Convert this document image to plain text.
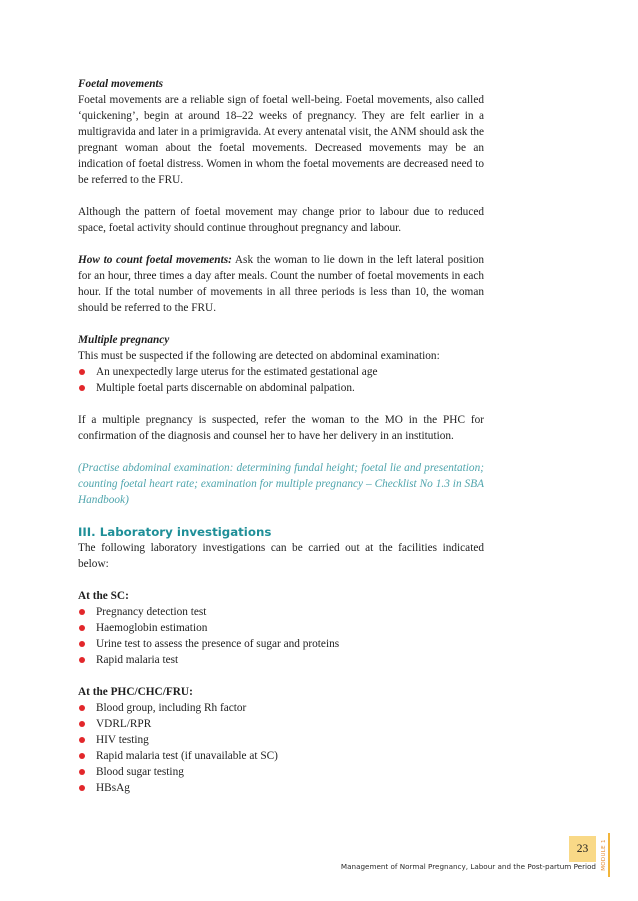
Foetal movements

Foetal movements are a reliable sign of foetal well-being. Foetal movements, also called ‘quickening’, begin at around 18–22 weeks of pregnancy. They are felt earlier in a multigravida and later in a primigravida. At every antenatal visit, the ANM should ask the pregnant woman about the foetal movements. Decreased movements may be an indication of foetal distress. Women in whom the foetal movements are decreased need to be referred to the FRU.

Although the pattern of foetal movement may change prior to labour due to reduced space, foetal activity should continue throughout pregnancy and labour.

How to count foetal movements: Ask the woman to lie down in the left lateral position for an hour, three times a day after meals. Count the number of foetal movements in each hour. If the total number of movements in all three periods is less than 10, the woman should be referred to the FRU.

Multiple pregnancy

This must be suspected if the following are detected on abdominal examination:

An unexpectedly large uterus for the estimated gestational age
Multiple foetal parts discernable on abdominal palpation.

If a multiple pregnancy is suspected, refer the woman to the MO in the PHC for confirmation of the diagnosis and counsel her to have her delivery in an institution.

(Practise abdominal examination: determining fundal height; foetal lie and presentation; counting foetal heart rate; examination for multiple pregnancy – Checklist No 1.3 in SBA Handbook)

III. Laboratory investigations

The following laboratory investigations can be carried out at the facilities indicated below:

At the SC:

Pregnancy detection test
Haemoglobin estimation
Urine test to assess the presence of sugar and proteins
Rapid malaria test

At the PHC/CHC/FRU:

Blood group, including Rh factor
VDRL/RPR
HIV testing
Rapid malaria test (if unavailable at SC)
Blood sugar testing
HBsAg
23	MODULE 1
Management of Normal Pregnancy, Labour and the Post-partum Period
